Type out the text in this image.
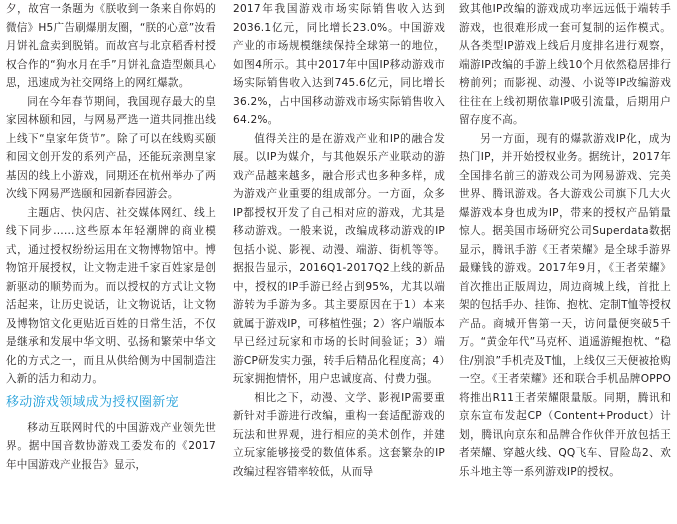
夕，故宫一条题为《朕收到一条来自你妈的微信》H5广告刷爆朋友圈，“朕的心意”汝看月饼礼盒卖到脱销。而故宫与北京稻香村授权合作的“狗水月在手”月饼礼盒造型颇具心思，迅速成为社交网络上的网红爆款。

同在今年春节期间，我国现存最大的皇家园林颐和园，与网易严选一道共同推出线上线下“皇家年货节”。除了可以在线购买颐和园文创开发的系列产品，还能玩亲测皇家基因的线上小游戏，同期还在杭州举办了两次线下网易严选颐和园新春园游会。

主题店、快闪店、社交媒体网红、线上线下同步……这些原本年轻潮牌的商业模式，通过授权纷纷运用在文物博物馆中。博物馆开展授权，让文物走进千家百姓家是创新驱动的顺势而为。而以授权的方式让文物活起来，让历史说话，让文物说话，让文物及博物馆文化更贴近百姓的日常生活，不仅是继承和发展中华文明、弘扬和繁荣中华文化的方式之一，而且从供给侧为中国制造注入新的活力和动力。

移动游戏领域成为授权圈新宠

移动互联网时代的中国游戏产业领先世界。据中国音数协游戏工委发布的《2017年中国游戏产业报告》显示，

2017年我国游戏市场实际销售收入达到2036.1亿元，同比增长23.0%。中国游戏产业的市场规模继续保持全球第一的地位，如图4所示。其中2017年中国IP移动游戏市场实际销售收入达到745.6亿元，同比增长36.2%，占中国移动游戏市场实际销售收入64.2%。

值得关注的是在游戏产业和IP的融合发展。以IP为媒介，与其他娱乐产业联动的游戏产品越来越多，融合形式也多种多样，成为游戏产业重要的组成部分。一方面，众多IP都授权开发了自己相对应的游戏，尤其是移动游戏。一般来说，改编成移动游戏的IP包括小说、影视、动漫、端游、街机等等。据报告显示，2016Q1-2017Q2上线的新品中，授权的IP手游已经占到95%，尤其以端游转为手游为多。其主要原因在于1）本来就属于游戏IP，可移植性强；2）客户端版本早已经过玩家和市场的长时间验证；3）端游CP研发实力强，转手后精品化程度高；4）玩家拥抱情怀，用户忠诚度高、付费力强。

相比之下，动漫、文学、影视IP需要重新针对手游进行改编，重构一套适配游戏的玩法和世界观，进行相应的美术创作，并建立玩家能够接受的数值体系。这套繁杂的IP改编过程容错率较低，从而导

致其他IP改编的游戏成功率远远低于端转手游戏，也很难形成一套可复制的运作模式。从各类型IP游戏上线后月度排名进行观察，端游IP改编的手游上线10个月依然稳居排行榜前列；而影视、动漫、小说等IP改编游戏往往在上线初期依靠IP吸引流量，后期用户留存度不高。

另一方面，现有的爆款游戏IP化，成为热门IP，并开始授权业务。据统计，2017年全国排名前三的游戏公司为网易游戏、完美世界、腾讯游戏。各大游戏公司旗下几大火爆游戏本身也成为IP，带来的授权产品销量惊人。据美国市场研究公司Superdata数据显示，腾讯手游《王者荣耀》是全球手游界最赚钱的游戏。2017年9月，《王者荣耀》首次推出正版周边，周边商城上线，首批上架的包括手办、挂饰、抱枕、定制T恤等授权产品。商城开售第一天，访问量便突破5千万。“黄金年代”马克杯、逍遥游鲲抱枕、“稳住/别浪”手机壳及T恤，上线仅三天便被抢购一空。《王者荣耀》还和联合手机品牌OPPO将推出R11王者荣耀限量版。同期，腾讯和京东宣布发起CP（Content+Product）计划，腾讯向京东和品牌合作伙伴开放包括王者荣耀、穿越火线、QQ飞车、冒险岛2、欢乐斗地主等一系列游戏IP的授权。
